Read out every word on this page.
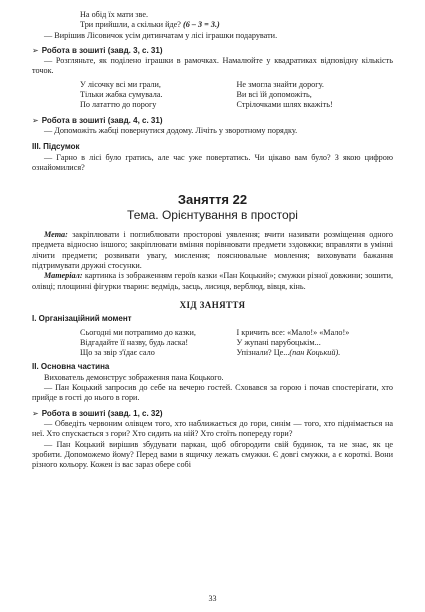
На обід їх мати зве.

Три прийшли, а скільки йде? (6 – 3 = 3.)

— Вирішив Лісовичок усім дитинчатам у лісі іграшки подарувати.

➢ Робота в зошиті (завд. 3, с. 31)

— Розгляньте, як поділено іграшки в рамочках. Намалюйте у квадратиках відповідну кількість точок.

У лісочку всі ми грали,

Тільки жабка сумувала.

По лататтю до порогу

Не змогла знайти дорогу.

Ви всі їй допоможіть,

Стрілочками шлях вкажіть!

➢ Робота в зошиті (завд. 4, с. 31)

— Допоможіть жабці повернутися додому. Лічіть у зворотному порядку.

ІІІ. Підсумок

— Гарно в лісі було гратись, але час уже повертатись. Чи цікаво вам було? З якою цифрою ознайомилися?

Заняття 22

Тема. Орієнтування в просторі

Мета: закріплювати і поглиблювати просторові уявлення; вчити називати розміщення одного предмета відносно іншого; закріплювати вміння порівнювати предмети зздовжки; вправляти в умінні лічити предмети; розвивати увагу, мислення; пояснювальне мовлення; виховувати бажання підтримувати дружні стосунки.

Матеріал: картинка із зображенням героїв казки «Пан Коцький»; смужки різної довжини; зошити, олівці; площинні фігурки тварин: ведмідь, заєць, лисиця, верблюд, вівця, кінь.

ХІД ЗАНЯТТЯ

І. Організаційний момент

Сьогодні ми потрапимо до казки,

Відгадайте її назву, будь ласка!

Що за звір з'їдає сало

І кричить все: «Мало!» «Мало!»

У жупані парубоцькім...

Упізнали? Це...(пан Коцький).

ІІ. Основна частина

Вихователь демонструє зображення пана Коцького.

— Пан Коцький запросив до себе на вечерю гостей. Сховався за горою і почав спостерігати, хто прийде в гості до нього в гори.

➢ Робота в зошиті (завд. 1, с. 32)

— Обведіть червоним олівцем того, хто наближається до гори, синім — того, хто піднімається на неї. Хто спускається з гори? Хто сидить на ній? Хто стоїть попереду гори?

— Пан Коцький вирішив збудувати паркан, щоб обгородити свій будинок, та не знає, як це зробити. Допоможемо йому? Перед вами в ящичку лежать смужки. Є довгі смужки, а є короткі. Вони різного кольору. Кожен із вас зараз обере собі

33
